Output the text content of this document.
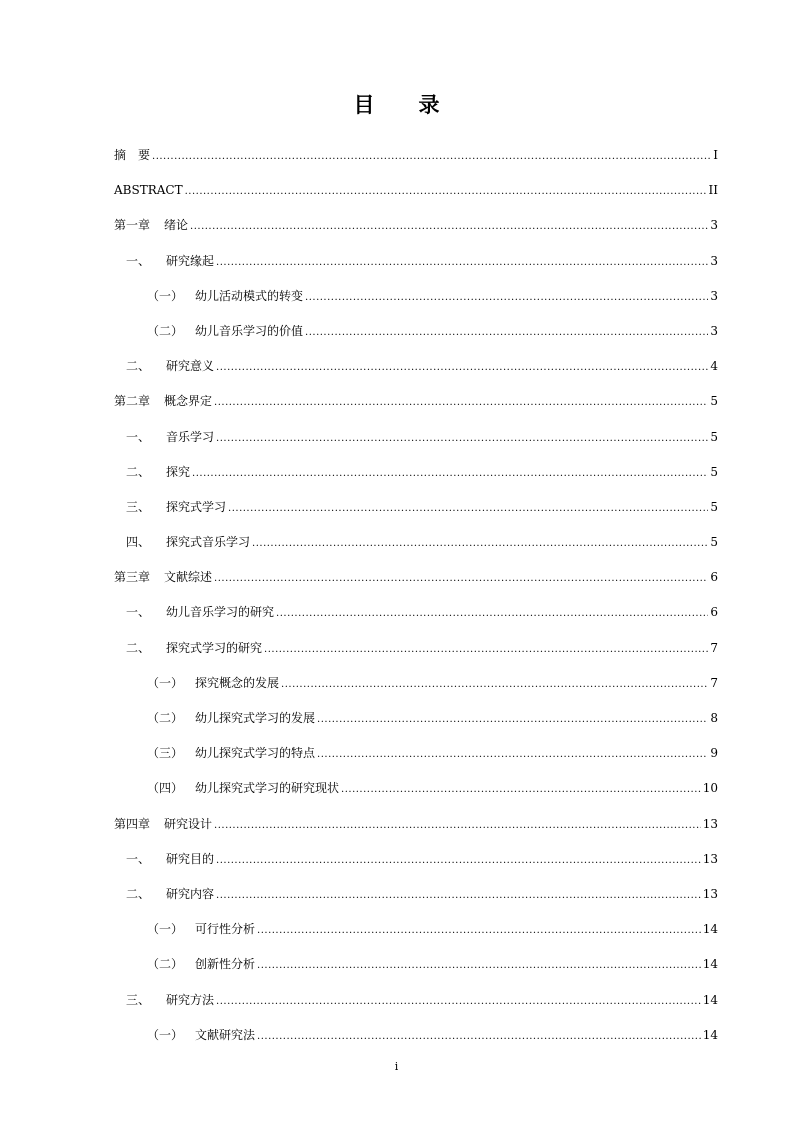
目　录
摘　要 .....	I
ABSTRACT .....	II
第一章 绪论 .....	3
一、 研究缘起 .....	3
（一） 幼儿活动模式的转变 .....	3
（二） 幼儿音乐学习的价值 .....	3
二、 研究意义 .....	4
第二章 概念界定 .....	5
一、 音乐学习 .....	5
二、 探究 .....	5
三、 探究式学习 .....	5
四、 探究式音乐学习 .....	5
第三章 文献综述 .....	6
一、 幼儿音乐学习的研究 .....	6
二、 探究式学习的研究 .....	7
（一） 探究概念的发展 .....	7
（二） 幼儿探究式学习的发展 .....	8
（三） 幼儿探究式学习的特点 .....	9
（四） 幼儿探究式学习的研究现状 .....	10
第四章 研究设计 .....	13
一、 研究目的 .....	13
二、 研究内容 .....	13
（一） 可行性分析 .....	14
（二） 创新性分析 .....	14
三、 研究方法 .....	14
（一） 文献研究法 .....	14
i
